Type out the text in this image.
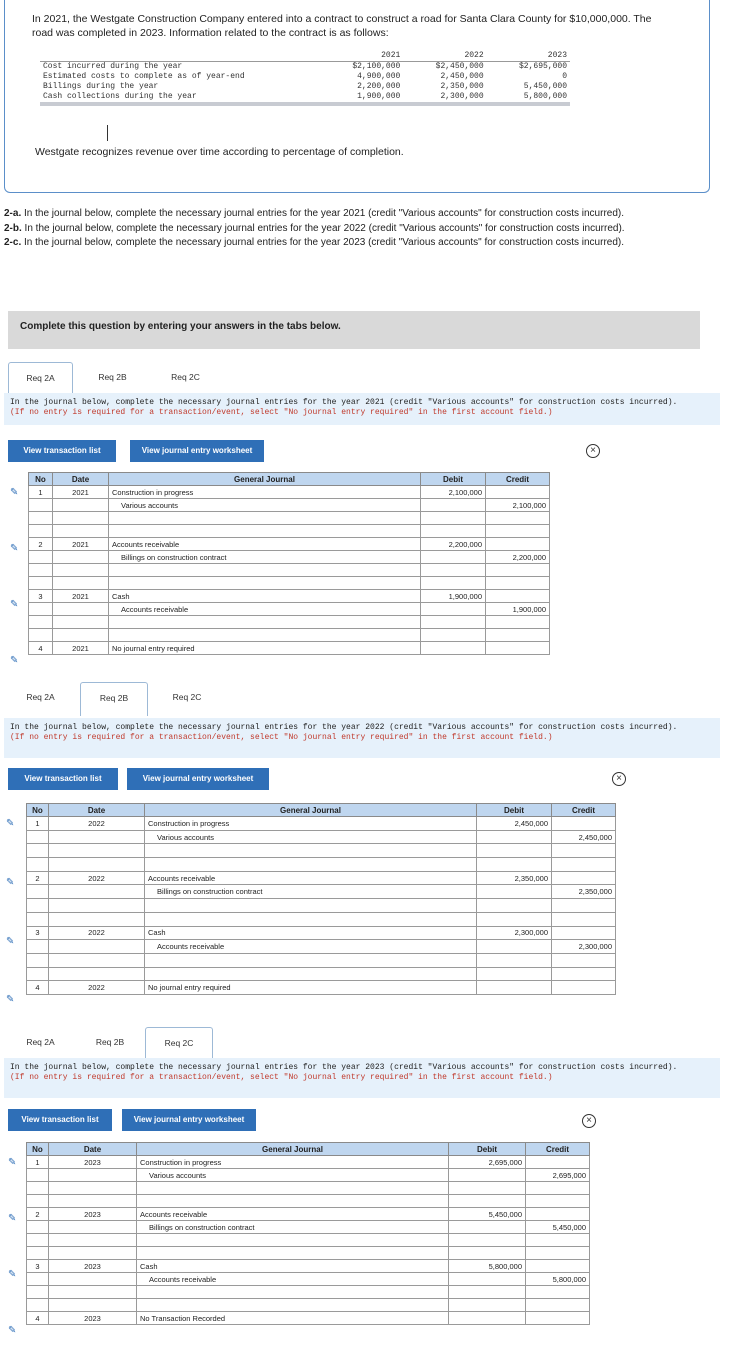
In 2021, the Westgate Construction Company entered into a contract to construct a road for Santa Clara County for $10,000,000. The road was completed in 2023. Information related to the contract is as follows:
	2021	2022	2023
Cost incurred during the year	$2,100,000	$2,450,000	$2,695,000
Estimated costs to complete as of year-end	4,900,000	2,450,000	0
Billings during the year	2,200,000	2,350,000	5,450,000
Cash collections during the year	1,900,000	2,300,000	5,800,000
Westgate recognizes revenue over time according to percentage of completion.

2-a. In the journal below, complete the necessary journal entries for the year 2021 (credit "Various accounts" for construction costs incurred).

2-b. In the journal below, complete the necessary journal entries for the year 2022 (credit "Various accounts" for construction costs incurred).

2-c. In the journal below, complete the necessary journal entries for the year 2023 (credit "Various accounts" for construction costs incurred).

Complete this question by entering your answers in the tabs below.
Req 2A	Req 2B	Req 2C
In the journal below, complete the necessary journal entries for the year 2021 (credit "Various accounts" for construction costs incurred).
(If no entry is required for a transaction/event, select "No journal entry required" in the first account field.)
View transaction list	View journal entry worksheet	×
No	Date	General Journal	Debit	Credit
1	2021	Construction in progress	2,100,000	
		Various accounts		2,100,000

2	2021	Accounts receivable	2,200,000	
		Billings on construction contract		2,200,000

3	2021	Cash	1,900,000	
		Accounts receivable		1,900,000

4	2021	No journal entry required		
✎
✎
✎
✎
Req 2A	Req 2B	Req 2C
In the journal below, complete the necessary journal entries for the year 2022 (credit "Various accounts" for construction costs incurred).
(If no entry is required for a transaction/event, select "No journal entry required" in the first account field.)
View transaction list	View journal entry worksheet	×
No	Date	General Journal	Debit	Credit
1	2022	Construction in progress	2,450,000	
		Various accounts		2,450,000

2	2022	Accounts receivable	2,350,000	
		Billings on construction contract		2,350,000

3	2022	Cash	2,300,000	
		Accounts receivable		2,300,000

4	2022	No journal entry required		
✎
✎
✎
✎
Req 2A	Req 2B	Req 2C
In the journal below, complete the necessary journal entries for the year 2023 (credit "Various accounts" for construction costs incurred).
(If no entry is required for a transaction/event, select "No journal entry required" in the first account field.)
View transaction list	View journal entry worksheet	×
No	Date	General Journal	Debit	Credit
1	2023	Construction in progress	2,695,000	
		Various accounts		2,695,000

2	2023	Accounts receivable	5,450,000	
		Billings on construction contract		5,450,000

3	2023	Cash	5,800,000	
		Accounts receivable		5,800,000

4	2023	No Transaction Recorded		
✎
✎
✎
✎
